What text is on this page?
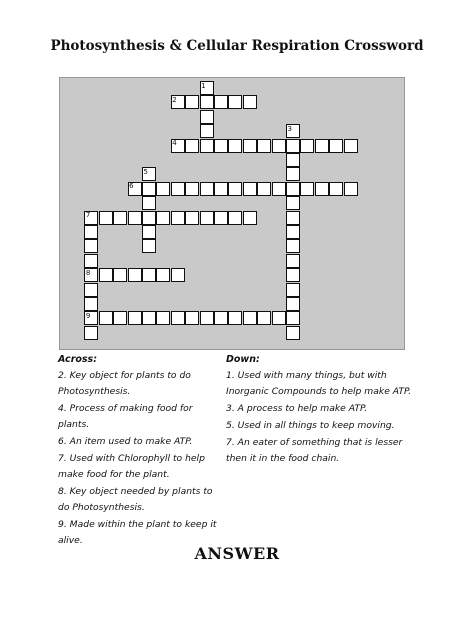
Photosynthesis & Cellular Respiration Crossword
1
2
3
4
5
6
7
8
9
Across:
2. Key object for plants to do Photosynthesis.
4. Process of making food for plants.
6. An item used to make ATP.
7. Used with Chlorophyll to help make food for the plant.
8. Key object needed by plants to do Photosynthesis.
9. Made within the plant to keep it alive.
Down:
1. Used with many things, but with Inorganic Compounds to help make ATP.
3. A process to help make ATP.
5. Used in all things to keep moving.
7. An eater of something that is lesser then it in the food chain.
ANSWER
